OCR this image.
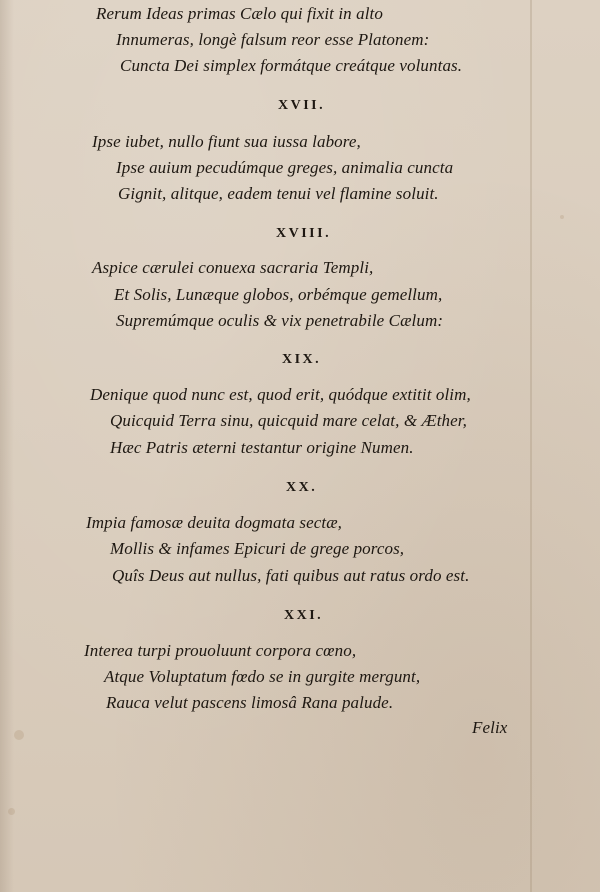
Rerum Ideas primas Cælo qui fixit in alto
Innumeras, longè falsum reor esse Platonem:
Cuncta Dei simplex formátque creátque voluntas.
XVII.
Ipse iubet, nullo fiunt sua iussa labore,
Ipse auium pecudúmque greges, animalia cuncta
Gignit, alitque, eadem tenui vel flamine soluit.
XVIII.
Aspice cærulei conuexa sacraria Templi,
Et Solis, Lunæque globos, orbémque gemellum,
Supremúmque oculis & vix penetrabile Cælum:
XIX.
Denique quod nunc est, quod erit, quódque extitit olim,
Quicquid Terra sinu, quicquid mare celat, & Æther,
Hæc Patris æterni testantur origine Numen.
XX.
Impia famosæ deuita dogmata sectæ,
Mollis & infames Epicuri de grege porcos,
Quîs Deus aut nullus, fati quibus aut ratus ordo est.
XXI.
Interea turpi prouoluunt corpora cœno,
Atque Voluptatum fœdo se in gurgite mergunt,
Rauca velut pascens limosâ Rana palude.
Felix
